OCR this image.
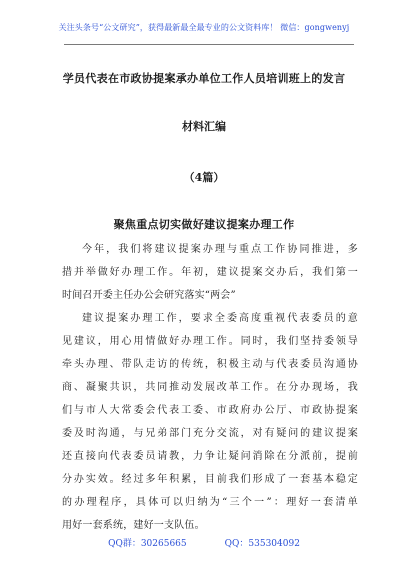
关注头条号“公文研究”，获得最新最全最专业的公文资料库！ 微信：gongwenyj
学员代表在市政协提案承办单位工作人员培训班上的发言
材料汇编
（4篇）
聚焦重点切实做好建议提案办理工作
今年，我们将建议提案办理与重点工作协同推进，多
措并举做好办理工作。年初，建议提案交办后，我们第一
时间召开委主任办公会研究落实“两会”
建议提案办理工作，要求全委高度重视代表委员的意
见建议，用心用情做好办理工作。同时，我们坚持委领导
牵头办理、带队走访的传统，积极主动与代表委员沟通协
商、凝聚共识，共同推动发展改革工作。在分办现场，我
们与市人大常委会代表工委、市政府办公厅、市政协提案
委及时沟通，与兄弟部门充分交流，对有疑问的建议提案
还直接向代表委员请教，力争让疑问消除在分派前，提前
分办实效。经过多年积累，目前我们形成了一套基本稳定
的办理程序，具体可以归纳为“三个一”：理好一套清单
用好一套系统，建好一支队伍。
QQ群：30265665	QQ：535304092
